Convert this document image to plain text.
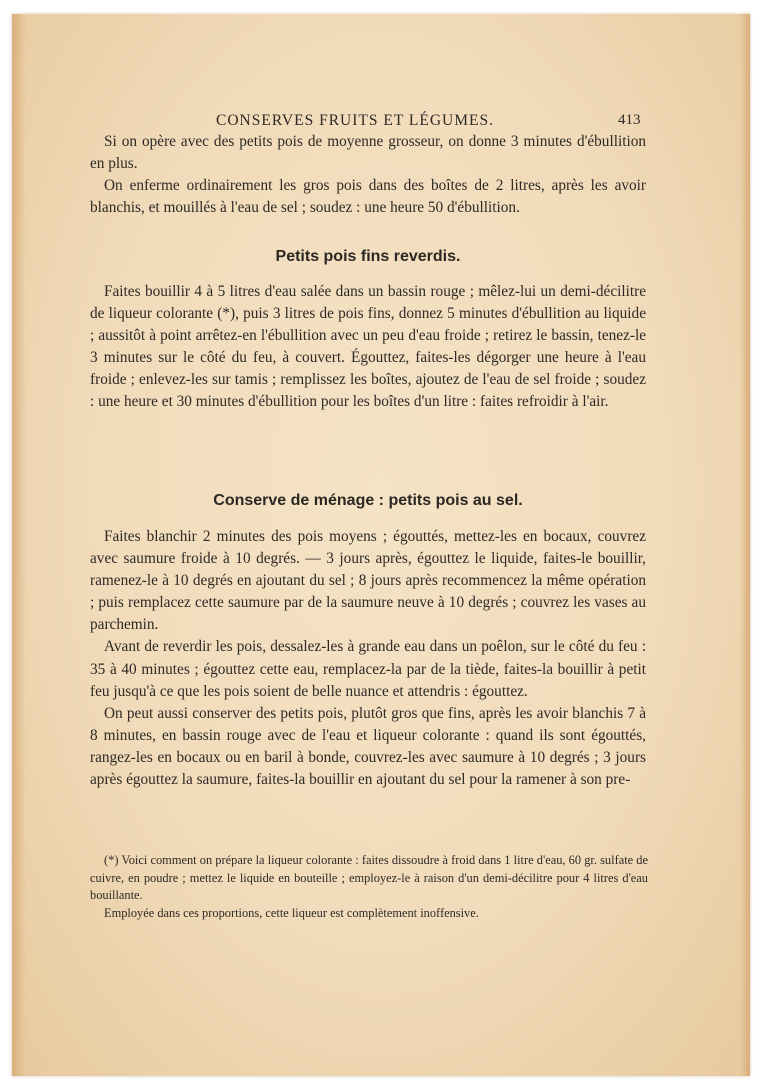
CONSERVES FRUITS ET LÉGUMES.	413

Si on opère avec des petits pois de moyenne grosseur, on donne 3 minutes d'ébullition en plus.

On enferme ordinairement les gros pois dans des boîtes de 2 litres, après les avoir blanchis, et mouillés à l'eau de sel ; soudez : une heure 50 d'ébullition.

Petits pois fins reverdis.

Faites bouillir 4 à 5 litres d'eau salée dans un bassin rouge ; mêlez-lui un demi-décilitre de liqueur colorante (*), puis 3 litres de pois fins, donnez 5 minutes d'ébullition au liquide ; aussitôt à point arrêtez-en l'ébullition avec un peu d'eau froide ; retirez le bassin, tenez-le 3 minutes sur le côté du feu, à couvert. Égouttez, faites-les dégorger une heure à l'eau froide ; enlevez-les sur tamis ; remplissez les boîtes, ajoutez de l'eau de sel froide ; soudez : une heure et 30 minutes d'ébullition pour les boîtes d'un litre : faites refroidir à l'air.

Conserve de ménage : petits pois au sel.

Faites blanchir 2 minutes des pois moyens ; égouttés, mettez-les en bocaux, couvrez avec saumure froide à 10 degrés. — 3 jours après, égouttez le liquide, faites-le bouillir, ramenez-le à 10 degrés en ajoutant du sel ; 8 jours après recommencez la même opération ; puis remplacez cette saumure par de la saumure neuve à 10 degrés ; couvrez les vases au parchemin.

Avant de reverdir les pois, dessalez-les à grande eau dans un poêlon, sur le côté du feu : 35 à 40 minutes ; égouttez cette eau, remplacez-la par de la tiède, faites-la bouillir à petit feu jusqu'à ce que les pois soient de belle nuance et attendris : égouttez.

On peut aussi conserver des petits pois, plutôt gros que fins, après les avoir blanchis 7 à 8 minutes, en bassin rouge avec de l'eau et liqueur colorante : quand ils sont égouttés, rangez-les en bocaux ou en baril à bonde, couvrez-les avec saumure à 10 degrés ; 3 jours après égouttez la saumure, faites-la bouillir en ajoutant du sel pour la ramener à son pre-

(*) Voici comment on prépare la liqueur colorante : faites dissoudre à froid dans 1 litre d'eau, 60 gr. sulfate de cuivre, en poudre ; mettez le liquide en bouteille ; employez-le à raison d'un demi-décilitre pour 4 litres d'eau bouillante.

Employée dans ces proportions, cette liqueur est complètement inoffensive.
